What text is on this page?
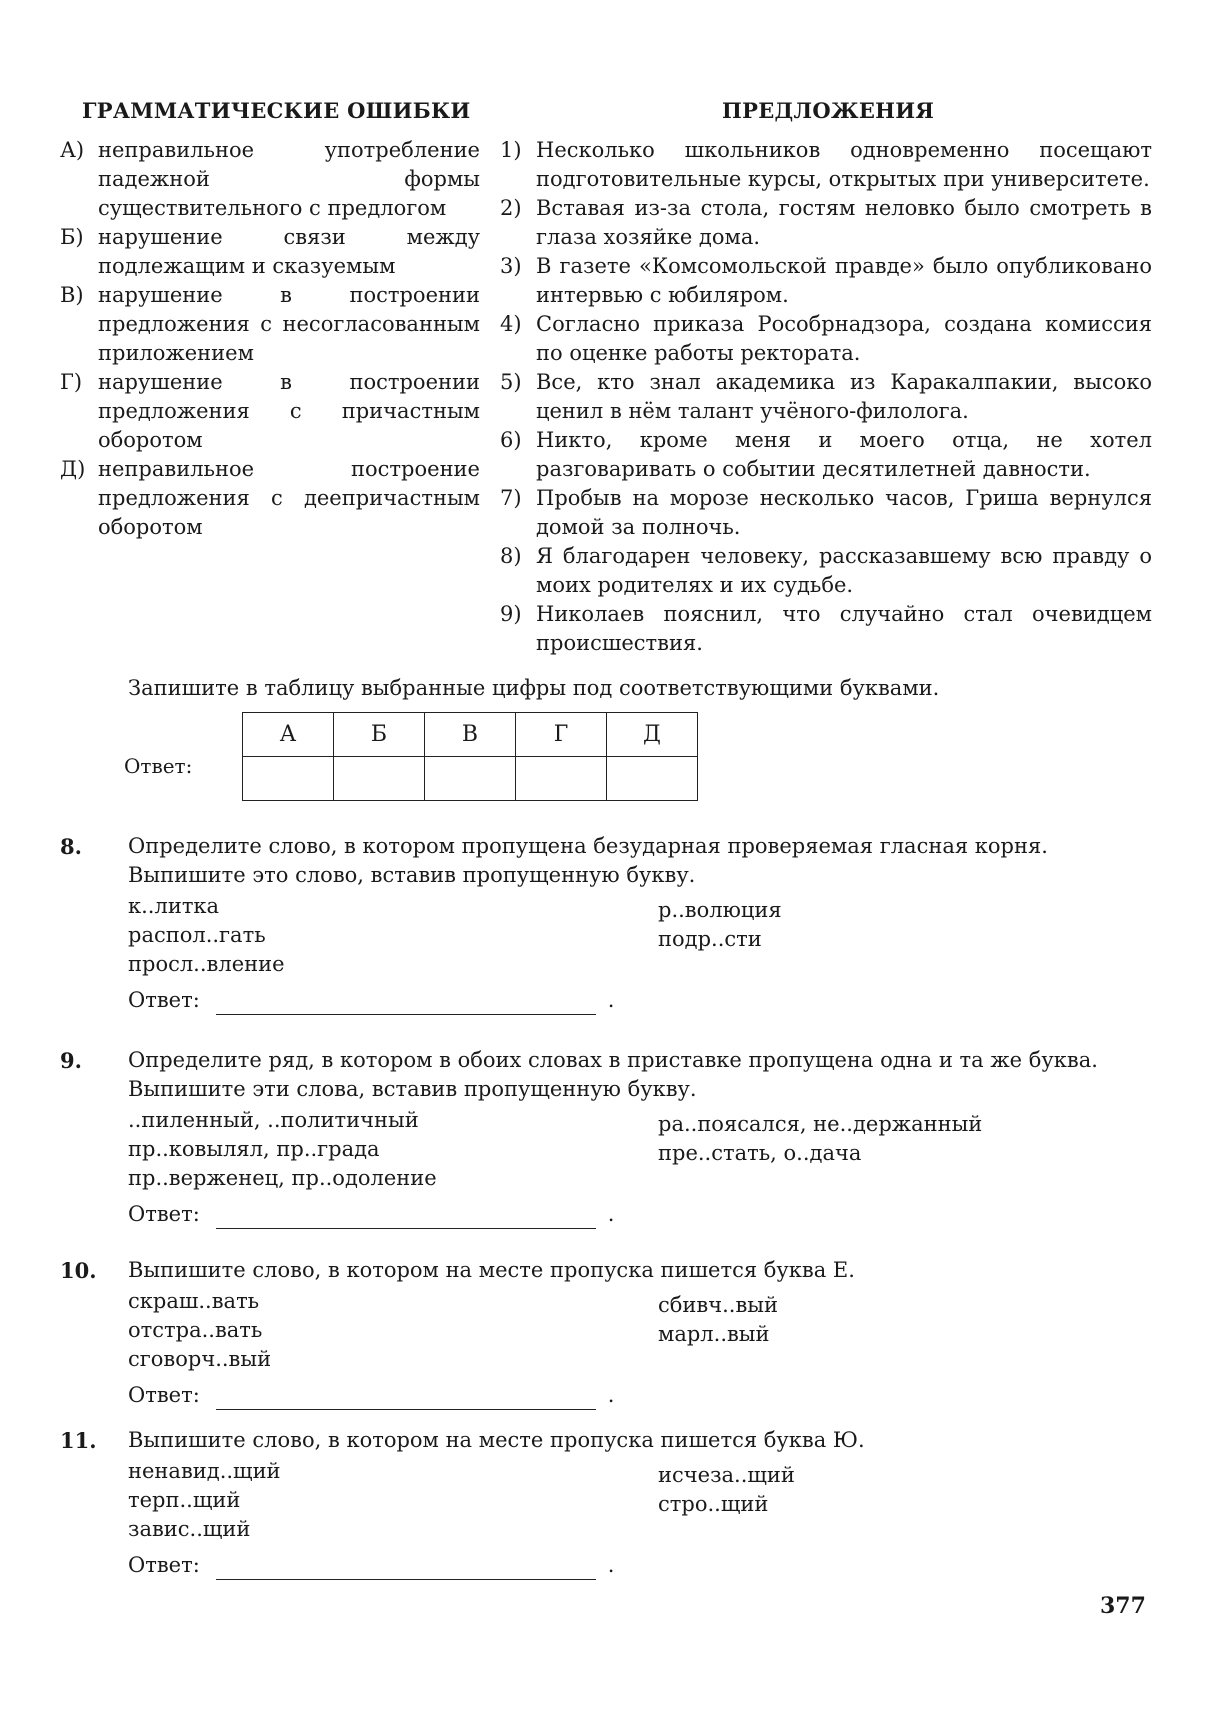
ГРАММАТИЧЕСКИЕ ОШИБКИ	ПРЕДЛОЖЕНИЯ
А) неправильное употребление падежной формы существительного с предлогом
Б) нарушение связи между подлежащим и сказуемым
В) нарушение в построении предложения с несогласованным приложением
Г) нарушение в построении предложения с причастным оборотом
Д) неправильное построение предложения с деепричастным оборотом
1) Несколько школьников одновременно посещают подготовительные курсы, открытых при университете.
2) Вставая из-за стола, гостям неловко было смотреть в глаза хозяйке дома.
3) В газете «Комсомольской правде» было опубликовано интервью с юбиляром.
4) Согласно приказа Рособрнадзора, создана комиссия по оценке работы ректората.
5) Все, кто знал академика из Каракалпакии, высоко ценил в нём талант учёного-филолога.
6) Никто, кроме меня и моего отца, не хотел разговаривать о событии десятилетней давности.
7) Пробыв на морозе несколько часов, Гриша вернулся домой за полночь.
8) Я благодарен человеку, рассказавшему всю правду о моих родителях и их судьбе.
9) Николаев пояснил, что случайно стал очевидцем происшествия.
Запишите в таблицу выбранные цифры под соответствующими буквами.
Ответ:
А	Б	В	Г	Д

8. Определите слово, в котором пропущена безударная проверяемая гласная корня. Выпишите это слово, вставив пропущенную букву.
к..литка
распол..гать
просл..вление
р..волюция
подр..сти
Ответ:	.
9. Определите ряд, в котором в обоих словах в приставке пропущена одна и та же буква. Выпишите эти слова, вставив пропущенную букву.
..пиленный, ..политичный
пр..ковылял, пр..града
пр..верженец, пр..одоление
ра..поясался, не..держанный
пре..стать, о..дача
Ответ:	.
10. Выпишите слово, в котором на месте пропуска пишется буква Е.
скраш..вать
отстра..вать
сговорч..вый
сбивч..вый
марл..вый
Ответ:	.
11. Выпишите слово, в котором на месте пропуска пишется буква Ю.
ненавид..щий
терп..щий
завис..щий
исчеза..щий
стро..щий
Ответ:	.
377
